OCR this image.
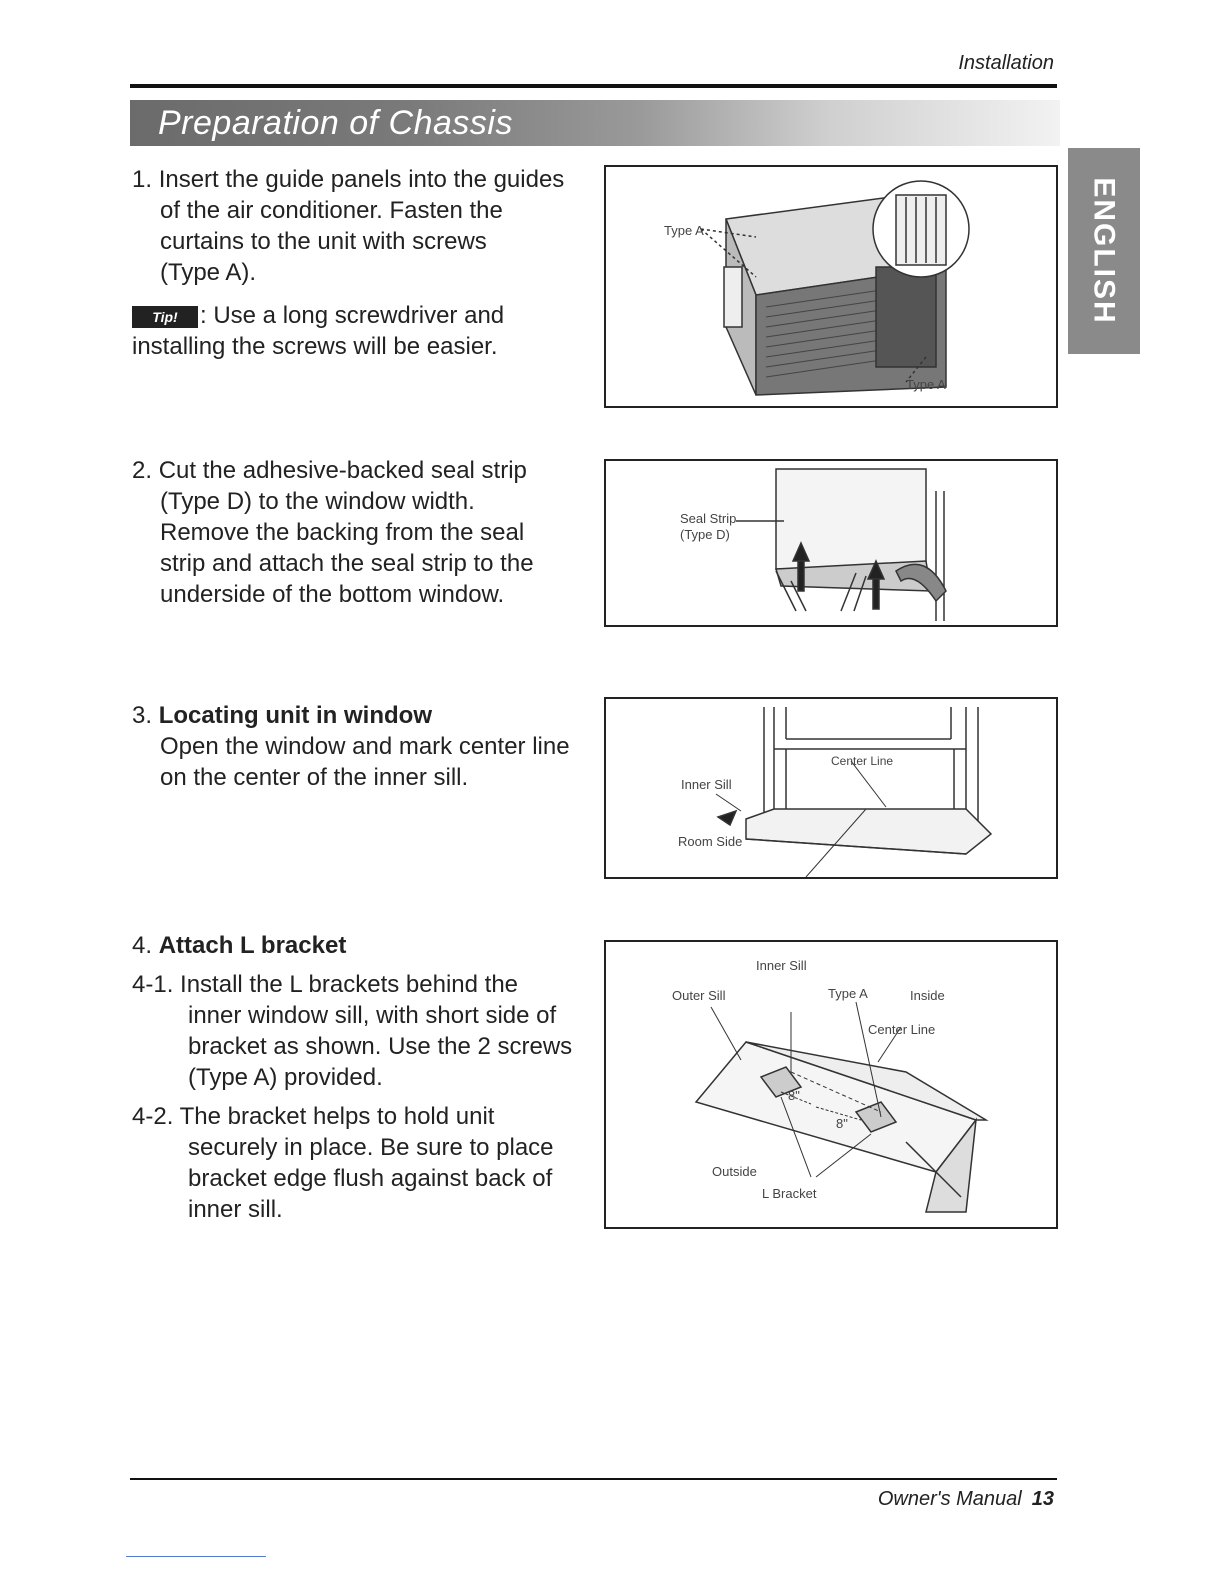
Installation
Preparation of Chassis
ENGLISH
1. Insert the guide panels into the guides
of the air conditioner. Fasten the
curtains to the unit with screws
(Type A).
Tip! : Use a long screwdriver and
installing the screws will be easier.
Type A
Type A
2. Cut the adhesive-backed seal strip
(Type D) to the window width.
Remove the backing from the seal
strip and attach the seal strip to the
underside of the bottom window.
Seal Strip
(Type D)
3. Locating unit in window
Open the window and mark center line
on the center of the inner sill.
Center Line
Inner Sill
Room Side
4. Attach L bracket
4-1. Install the L brackets behind the
inner window sill, with short side of
bracket as shown. Use the 2 screws
(Type A) provided.
4-2. The bracket helps to hold unit
securely in place. Be sure to place
bracket edge flush against back of
inner sill.
Inner Sill
Outer Sill	Type A	Inside
Center Line
8"
8"
Outside
L Bracket
Owner's Manual 13
